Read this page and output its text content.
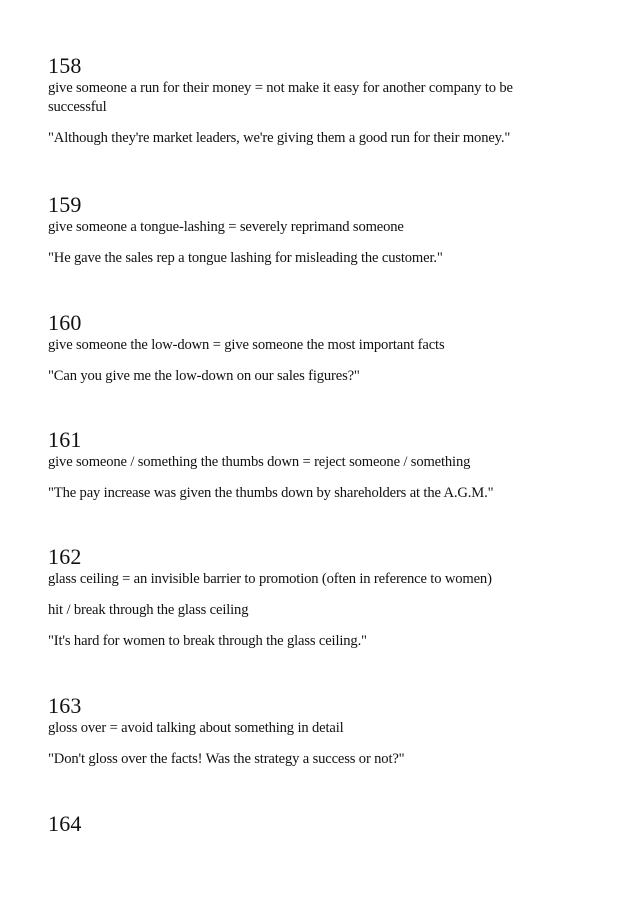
158
give someone a run for their money = not make it easy for another company to be successful
"Although they're market leaders, we're giving them a good run for their money."
159
give someone a tongue-lashing = severely reprimand someone
"He gave the sales rep a tongue lashing for misleading the customer."
160
give someone the low-down = give someone the most important facts
"Can you give me the low-down on our sales figures?"
161
give someone / something the thumbs down = reject someone / something
"The pay increase was given the thumbs down by shareholders at the A.G.M."
162
glass ceiling = an invisible barrier to promotion (often in reference to women)
hit / break through the glass ceiling
"It's hard for women to break through the glass ceiling."
163
gloss over = avoid talking about something in detail
"Don't gloss over the facts! Was the strategy a success or not?"
164
